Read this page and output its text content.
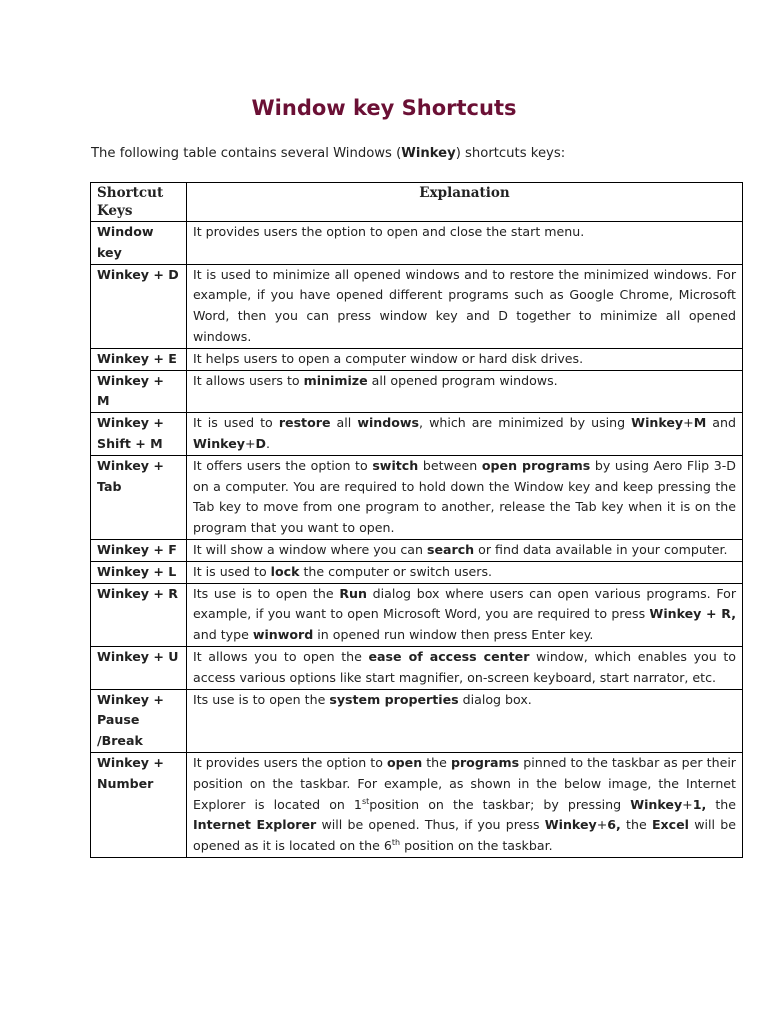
Window key Shortcuts
The following table contains several Windows (Winkey) shortcuts keys:
Shortcut Keys	Explanation
Window key	It provides users the option to open and close the start menu.
Winkey + D	It is used to minimize all opened windows and to restore the minimized windows. For example, if you have opened different programs such as Google Chrome, Microsoft Word, then you can press window key and D together to minimize all opened windows.
Winkey + E	It helps users to open a computer window or hard disk drives.
Winkey + M	It allows users to minimize all opened program windows.
Winkey + Shift + M	It is used to restore all windows, which are minimized by using Winkey+M and Winkey+D.
Winkey + Tab	It offers users the option to switch between open programs by using Aero Flip 3-D on a computer. You are required to hold down the Window key and keep pressing the Tab key to move from one program to another, release the Tab key when it is on the program that you want to open.
Winkey + F	It will show a window where you can search or find data available in your computer.
Winkey + L	It is used to lock the computer or switch users.
Winkey + R	Its use is to open the Run dialog box where users can open various programs. For example, if you want to open Microsoft Word, you are required to press Winkey + R, and type winword in opened run window then press Enter key.
Winkey + U	It allows you to open the ease of access center window, which enables you to access various options like start magnifier, on-screen keyboard, start narrator, etc.
Winkey + Pause /Break	Its use is to open the system properties dialog box.
Winkey + Number	It provides users the option to open the programs pinned to the taskbar as per their position on the taskbar. For example, as shown in the below image, the Internet Explorer is located on 1stposition on the taskbar; by pressing Winkey+1, the Internet Explorer will be opened. Thus, if you press Winkey+6, the Excel will be opened as it is located on the 6th position on the taskbar.
